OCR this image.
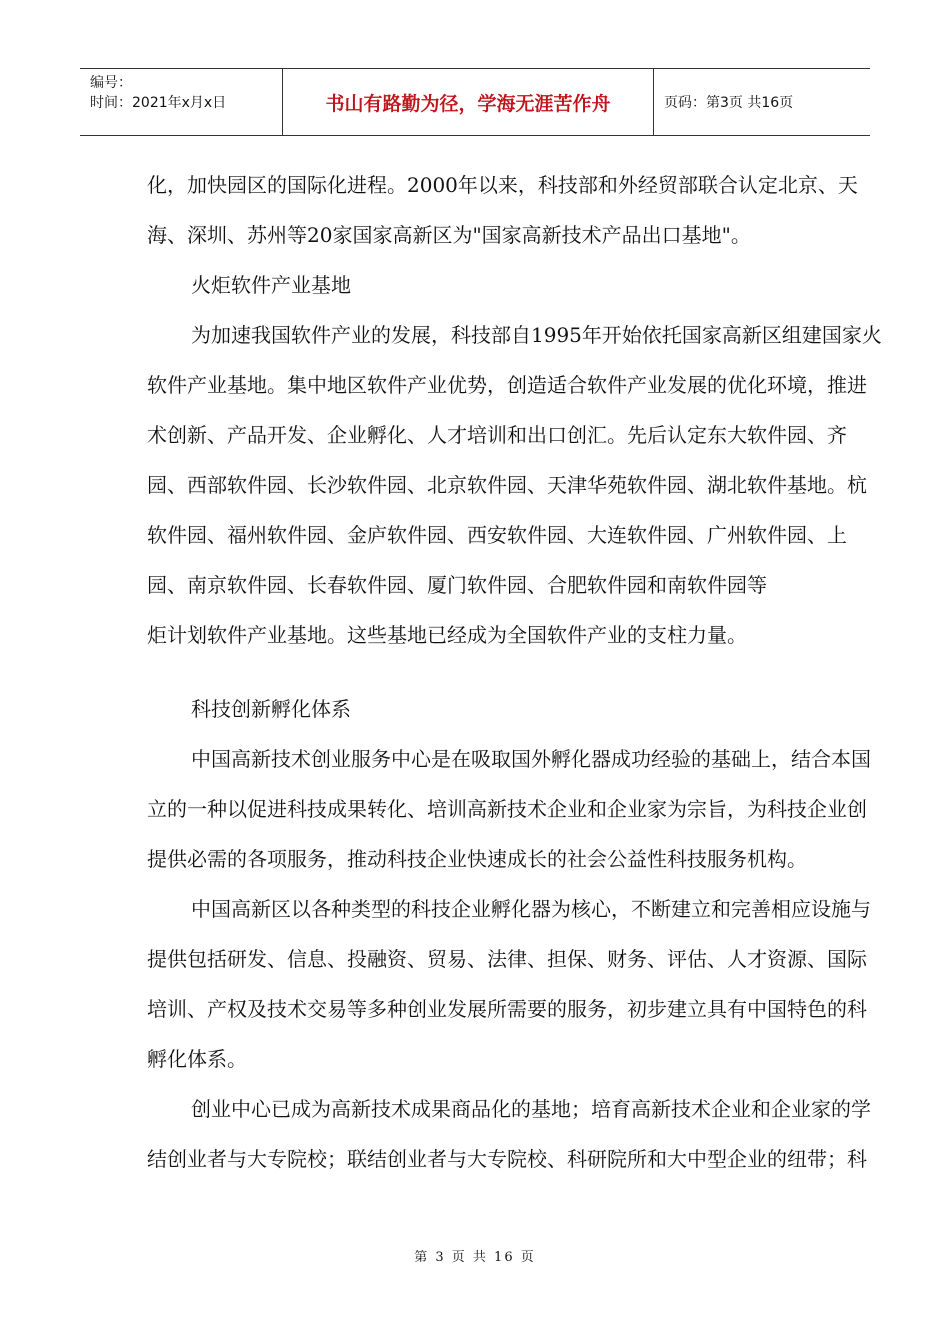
编号：
时间：2021年x月x日	书山有路勤为径，学海无涯苦作舟	页码：第3页 共16页
化，加快园区的国际化进程。2000年以来，科技部和外经贸部联合认定北京、天
海、深圳、苏州等20家国家高新区为"国家高新技术产品出口基地"。
火炬软件产业基地
为加速我国软件产业的发展，科技部自1995年开始依托国家高新区组建国家火
软件产业基地。集中地区软件产业优势，创造适合软件产业发展的优化环境，推进
术创新、产品开发、企业孵化、人才培训和出口创汇。先后认定东大软件园、齐
园、西部软件园、长沙软件园、北京软件园、天津华苑软件园、湖北软件基地。杭
软件园、福州软件园、金庐软件园、西安软件园、大连软件园、广州软件园、上
园、南京软件园、长春软件园、厦门软件园、合肥软件园和南软件园等
炬计划软件产业基地。这些基地已经成为全国软件产业的支柱力量。
科技创新孵化体系
中国高新技术创业服务中心是在吸取国外孵化器成功经验的基础上，结合本国
立的一种以促进科技成果转化、培训高新技术企业和企业家为宗旨，为科技企业创
提供必需的各项服务，推动科技企业快速成长的社会公益性科技服务机构。
中国高新区以各种类型的科技企业孵化器为核心，不断建立和完善相应设施与
提供包括研发、信息、投融资、贸易、法律、担保、财务、评估、人才资源、国际
培训、产权及技术交易等多种创业发展所需要的服务，初步建立具有中国特色的科
孵化体系。
创业中心已成为高新技术成果商品化的基地；培育高新技术企业和企业家的学
结创业者与大专院校；联结创业者与大专院校、科研院所和大中型企业的纽带；科
第 3 页 共 16 页
